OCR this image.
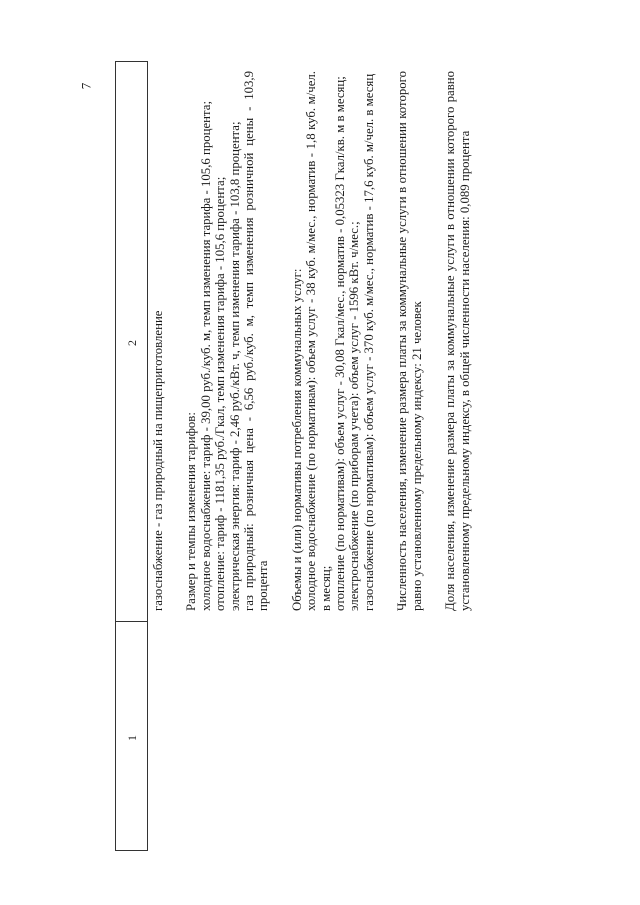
7
1
2 газоснабжение - газ природный на пищеприготовление Размер и темпы изменения тарифов: холодное водоснабжение: тариф - 39,00 руб./куб. м, темп изменения тарифа - 105,6 процента; отопление: тариф - 1181,35 руб./Гкал, темп изменения тарифа - 105,6 процента; электрическая энергия: тариф - 2,46 руб./кВт. ч, темп изменения тарифа - 103,8 процента; газ природный: розничная цена - 6,56 руб./куб. м, темп изменения розничной цены - 103,9 процента Объемы и (или) нормативы потребления коммунальных услуг: холодное водоснабжение (по нормативам): объем услуг - 38 куб. м/мес., норматив - 1,8 куб. м/чел. в месяц; отопление (по нормативам): объем услуг - 30,08 Гкал/мес., норматив - 0,05323 Гкал/кв. м в месяц; электроснабжение (по приборам учета): объем услуг - 1596 кВт. ч/мес.; газоснабжение (по нормативам): объем услуг - 370 куб. м/мес., норматив - 17,6 куб. м/чел. в месяц Численность населения, изменение размера платы за коммунальные услуги в отношении которого равно установленному предельному индексу: 21 человек Доля населения, изменение размера платы за коммунальные услуги в отношении которого равно установленному предельному индексу, в общей численности населения: 0,089 процента
